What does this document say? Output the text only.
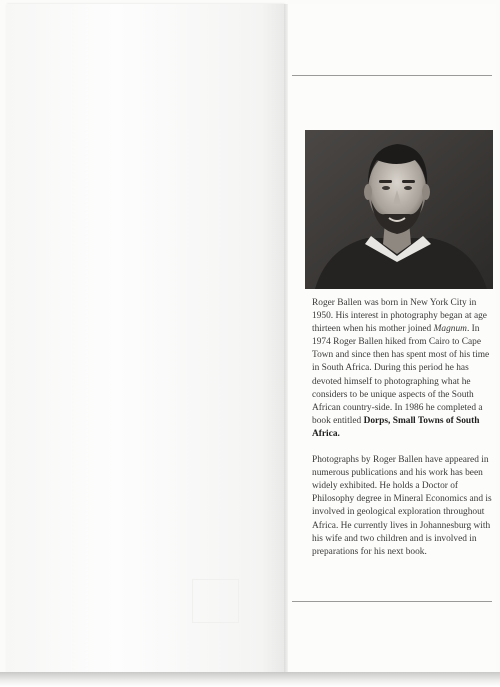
Roger Ballen was born in New York City in 1950. His interest in photography began at age thirteen when his mother joined Magnum. In 1974 Roger Ballen hiked from Cairo to Cape Town and since then has spent most of his time in South Africa. During this period he has devoted himself to photographing what he considers to be unique aspects of the South African country-side. In 1986 he completed a book entitled Dorps, Small Towns of South Africa.

Photographs by Roger Ballen have appeared in numerous publications and his work has been widely exhibited. He holds a Doctor of Philosophy degree in Mineral Economics and is involved in geological exploration throughout Africa. He currently lives in Johannesburg with his wife and two children and is involved in preparations for his next book.
